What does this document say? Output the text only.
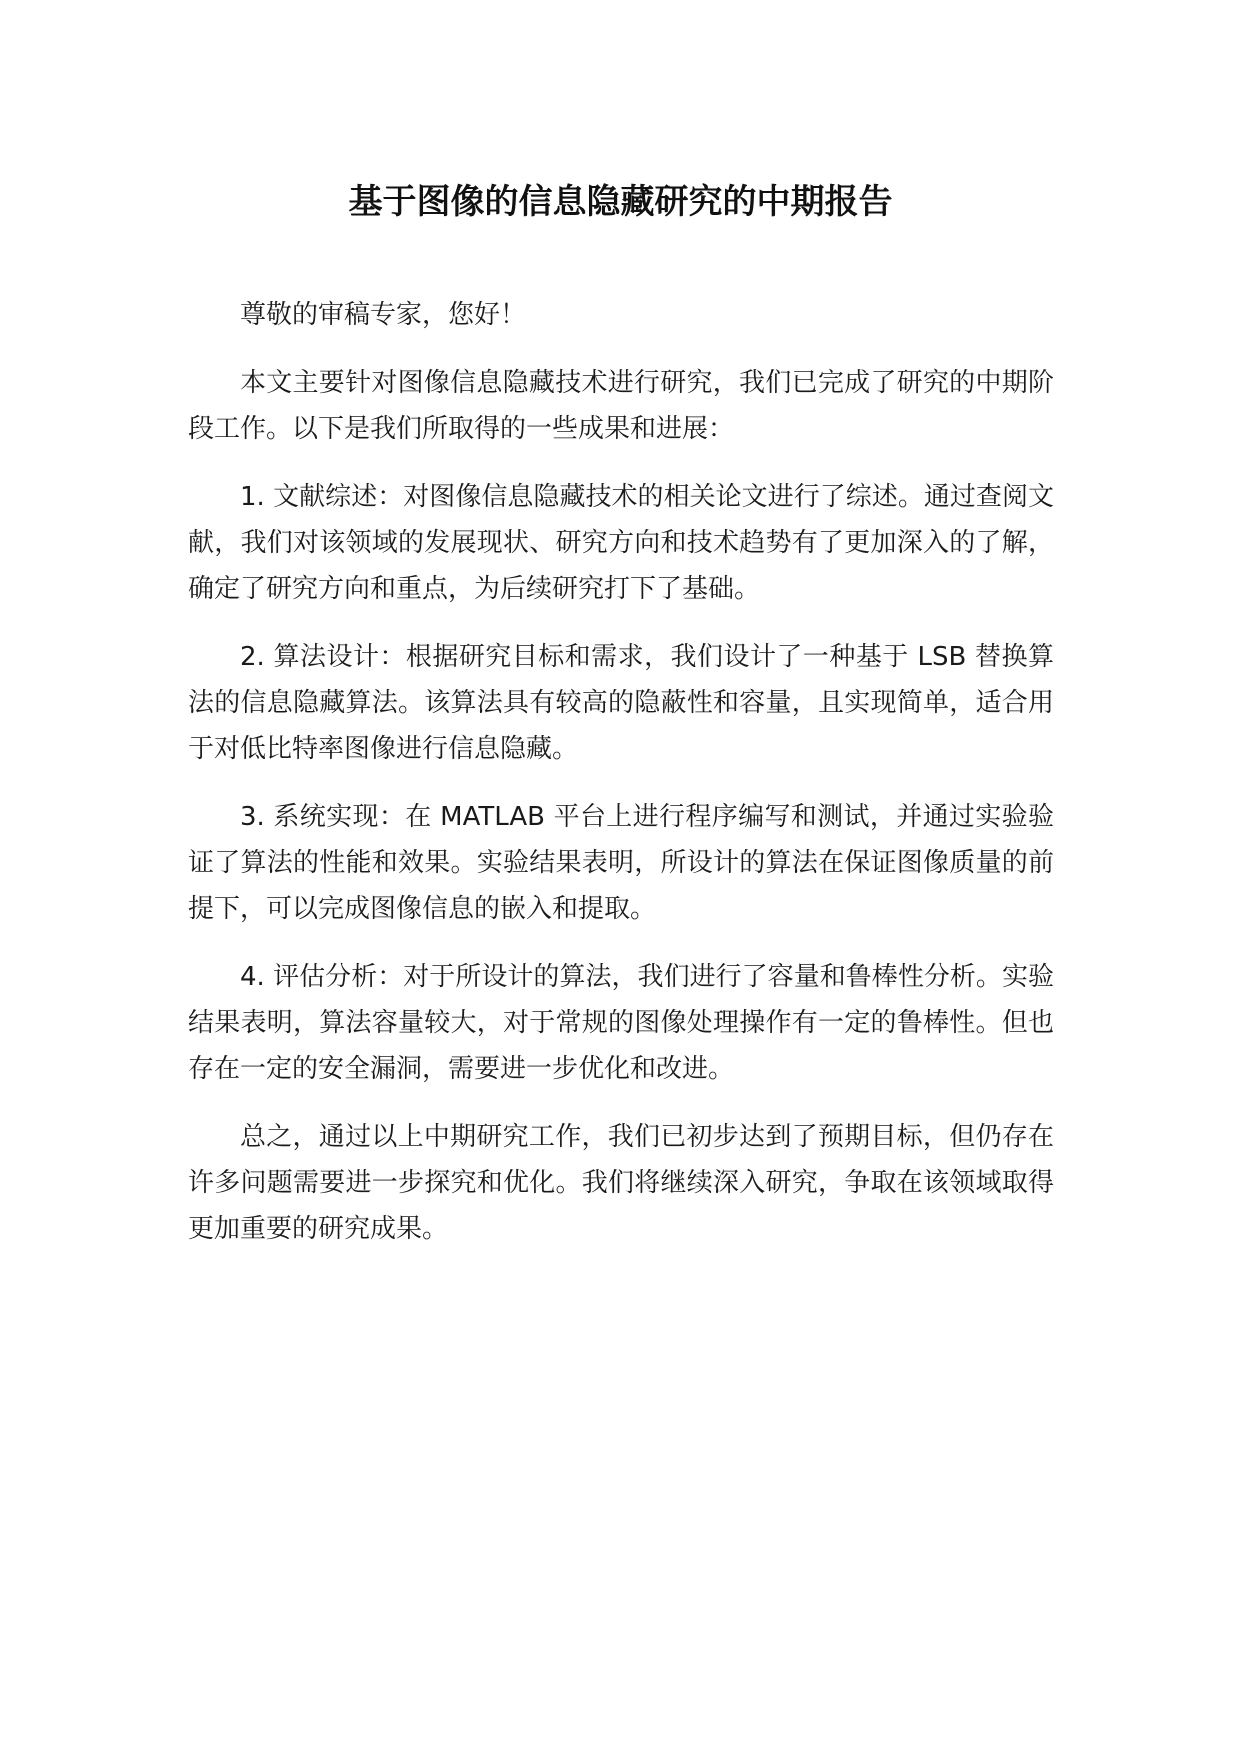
基于图像的信息隐藏研究的中期报告

尊敬的审稿专家，您好！

本文主要针对图像信息隐藏技术进行研究，我们已完成了研究的中期阶段工作。以下是我们所取得的一些成果和进展：

1. 文献综述：对图像信息隐藏技术的相关论文进行了综述。通过查阅文献，我们对该领域的发展现状、研究方向和技术趋势有了更加深入的了解，确定了研究方向和重点，为后续研究打下了基础。

2. 算法设计：根据研究目标和需求，我们设计了一种基于 LSB 替换算法的信息隐藏算法。该算法具有较高的隐蔽性和容量，且实现简单，适合用于对低比特率图像进行信息隐藏。

3. 系统实现：在 MATLAB 平台上进行程序编写和测试，并通过实验验证了算法的性能和效果。实验结果表明，所设计的算法在保证图像质量的前提下，可以完成图像信息的嵌入和提取。

4. 评估分析：对于所设计的算法，我们进行了容量和鲁棒性分析。实验结果表明，算法容量较大，对于常规的图像处理操作有一定的鲁棒性。但也存在一定的安全漏洞，需要进一步优化和改进。

总之，通过以上中期研究工作，我们已初步达到了预期目标，但仍存在许多问题需要进一步探究和优化。我们将继续深入研究，争取在该领域取得更加重要的研究成果。
